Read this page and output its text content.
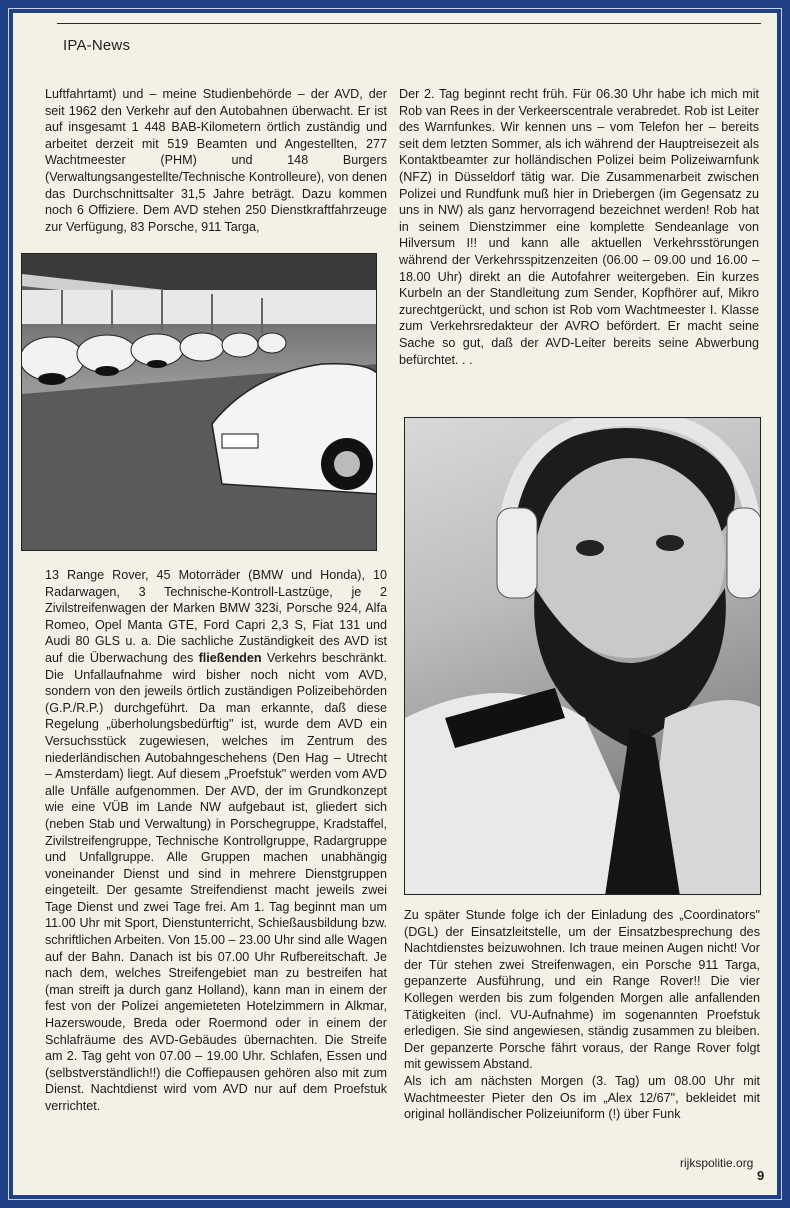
IPA-News

Luftfahrtamt) und – meine Studienbehörde – der AVD, der seit 1962 den Verkehr auf den Autobahnen überwacht. Er ist auf insgesamt 1 448 BAB-Kilometern örtlich zuständig und arbeitet derzeit mit 519 Beamten und Angestellten, 277 Wachtmeester (PHM) und 148 Burgers (Verwaltungsangestellte/Technische Kontrolleure), von denen das Durchschnittsalter 31,5 Jahre beträgt. Dazu kommen noch 6 Offiziere. Dem AVD stehen 250 Dienstkraftfahrzeuge zur Verfügung, 83 Porsche, 911 Targa,

13 Range Rover, 45 Motorräder (BMW und Honda), 10 Radarwagen, 3 Technische-Kontroll-Lastzüge, je 2 Zivilstreifenwagen der Marken BMW 323i, Porsche 924, Alfa Romeo, Opel Manta GTE, Ford Capri 2,3 S, Fiat 131 und Audi 80 GLS u. a. Die sachliche Zuständigkeit des AVD ist auf die Überwachung des fließenden Verkehrs beschränkt. Die Unfallaufnahme wird bisher noch nicht vom AVD, sondern von den jeweils örtlich zuständigen Polizeibehörden (G.P./R.P.) durchgeführt. Da man erkannte, daß diese Regelung „überholungsbedürftig" ist, wurde dem AVD ein Versuchsstück zugewiesen, welches im Zentrum des niederländischen Autobahngeschehens (Den Hag – Utrecht – Amsterdam) liegt. Auf diesem „Proefstuk" werden vom AVD alle Unfälle aufgenommen. Der AVD, der im Grundkonzept wie eine VÜB im Lande NW aufgebaut ist, gliedert sich (neben Stab und Verwaltung) in Porschegruppe, Kradstaffel, Zivilstreifengruppe, Technische Kontrollgruppe, Radargruppe und Unfallgruppe. Alle Gruppen machen unabhängig voneinander Dienst und sind in mehrere Dienstgruppen eingeteilt. Der gesamte Streifendienst macht jeweils zwei Tage Dienst und zwei Tage frei. Am 1. Tag beginnt man um 11.00 Uhr mit Sport, Dienstunterricht, Schießausbildung bzw. schriftlichen Arbeiten. Von 15.00 – 23.00 Uhr sind alle Wagen auf der Bahn. Danach ist bis 07.00 Uhr Rufbereitschaft. Je nach dem, welches Streifengebiet man zu bestreifen hat (man streift ja durch ganz Holland), kann man in einem der fest von der Polizei angemieteten Hotelzimmern in Alkmar, Hazerswoude, Breda oder Roermond oder in einem der Schlafräume des AVD-Gebäudes übernachten. Die Streife am 2. Tag geht von 07.00 – 19.00 Uhr. Schlafen, Essen und (selbstverständlich!!) die Coffiepausen gehören also mit zum Dienst. Nachtdienst wird vom AVD nur auf dem Proefstuk verrichtet.

Der 2. Tag beginnt recht früh. Für 06.30 Uhr habe ich mich mit Rob van Rees in der Verkeerscentrale verabredet. Rob ist Leiter des Warnfunkes. Wir kennen uns – vom Telefon her – bereits seit dem letzten Sommer, als ich während der Hauptreisezeit als Kontaktbeamter zur holländischen Polizei beim Polizeiwarnfunk (NFZ) in Düsseldorf tätig war. Die Zusammenarbeit zwischen Polizei und Rundfunk muß hier in Driebergen (im Gegensatz zu uns in NW) als ganz hervorragend bezeichnet werden! Rob hat in seinem Dienstzimmer eine komplette Sendeanlage von Hilversum I!! und kann alle aktuellen Verkehrsstörungen während der Verkehrsspitzenzeiten (06.00 – 09.00 und 16.00 – 18.00 Uhr) direkt an die Autofahrer weitergeben. Ein kurzes Kurbeln an der Standleitung zum Sender, Kopfhörer auf, Mikro zurechtgerückt, und schon ist Rob vom Wachtmeester I. Klasse zum Verkehrsredakteur der AVRO befördert. Er macht seine Sache so gut, daß der AVD-Leiter bereits seine Abwerbung befürchtet. . .

Zu später Stunde folge ich der Einladung des „Coordinators" (DGL) der Einsatzleitstelle, um der Einsatzbesprechung des Nachtdienstes beizuwohnen. Ich traue meinen Augen nicht! Vor der Tür stehen zwei Streifenwagen, ein Porsche 911 Targa, gepanzerte Ausführung, und ein Range Rover!! Die vier Kollegen werden bis zum folgenden Morgen alle anfallenden Tätigkeiten (incl. VU-Aufnahme) im sogenannten Proefstuk erledigen. Sie sind angewiesen, ständig zusammen zu bleiben. Der gepanzerte Porsche fährt voraus, der Range Rover folgt mit gewissem Abstand.

Als ich am nächsten Morgen (3. Tag) um 08.00 Uhr mit Wachtmeester Pieter den Os im „Alex 12/67", bekleidet mit original holländischer Polizeiuniform (!) über Funk

rijkspolitie.org
9
